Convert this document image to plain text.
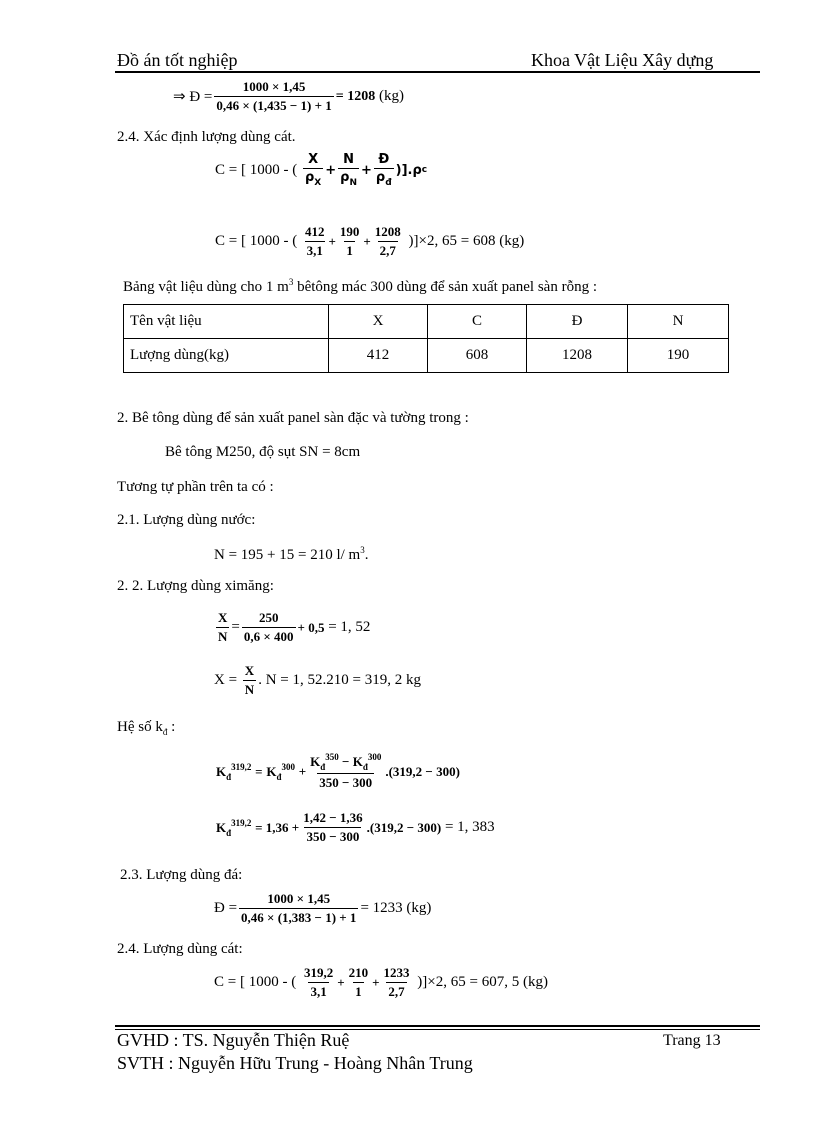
Đồ án tốt nghiệp	Khoa Vật Liệu Xây dựng
⇒ Đ = $\frac{1000 \times 1,45}{0,46 \times (1,435 - 1) + 1} = 1208$
(kg)
2.4. Xác định lượng dùng cát.
C = [ 1000 - (
$\frac{X}{\rho_X} + \frac{N}{\rho_N} + \frac{Đ}{\rho_đ} )].\rho$ c
C = [ 1000 - (
$\frac{412}{3,1} + \frac{190}{1} + \frac{1208}{2,7}$
)]×2, 65 = 608 (kg)
Bảng vật liệu dùng cho 1 $m^3$ bêtông mác 300 dùng để sản xuất panel sàn rỗng :
Tên vật liệu	X	C	Đ	N
Lượng dùng(kg)	412	608	1208	190
2. Bê tông dùng để sản xuất panel sàn đặc và tường trong :
Bê tông M250, độ sụt SN = 8cm
Tương tự phần trên ta có :
2.1. Lượng dùng nước:
N = 195 + 15 = 210 l/ $m^3$.
2. 2. Lượng dùng ximăng:
$\frac{X}{N} = \frac{250}{0,6 \times 400} + 0,5$
= 1, 52
X =
$\frac{X}{N}$ . N = 1, 52.210 = 319, 2 kg
Hệ số $k_đ$ :
$K_đ^{319,2}$
=
$K_đ^{300}$
+ $\frac{K_đ^{350} - K_đ^{300}}{350 - 300} .(319,2 - 300)$
$K_đ^{319,2}$
= $1,36 + \frac{1,42 - 1,36}{350 - 300} .(319,2 - 300)$
= 1, 383
2.3. Lượng dùng đá:
Đ = $\frac{1000 \times 1,45}{0,46 \times (1,383 - 1) + 1} = 1233$
(kg)
2.4. Lượng dùng cát:
C = [ 1000 - (
$\frac{319,2}{3,1} + \frac{210}{1} + \frac{1233}{2,7}$
)]×2, 65 = 607, 5 (kg)
GVHD : TS. Nguyễn Thiện Ruệ	Trang 13
SVTH : Nguyễn Hữu Trung - Hoàng Nhân Trung
